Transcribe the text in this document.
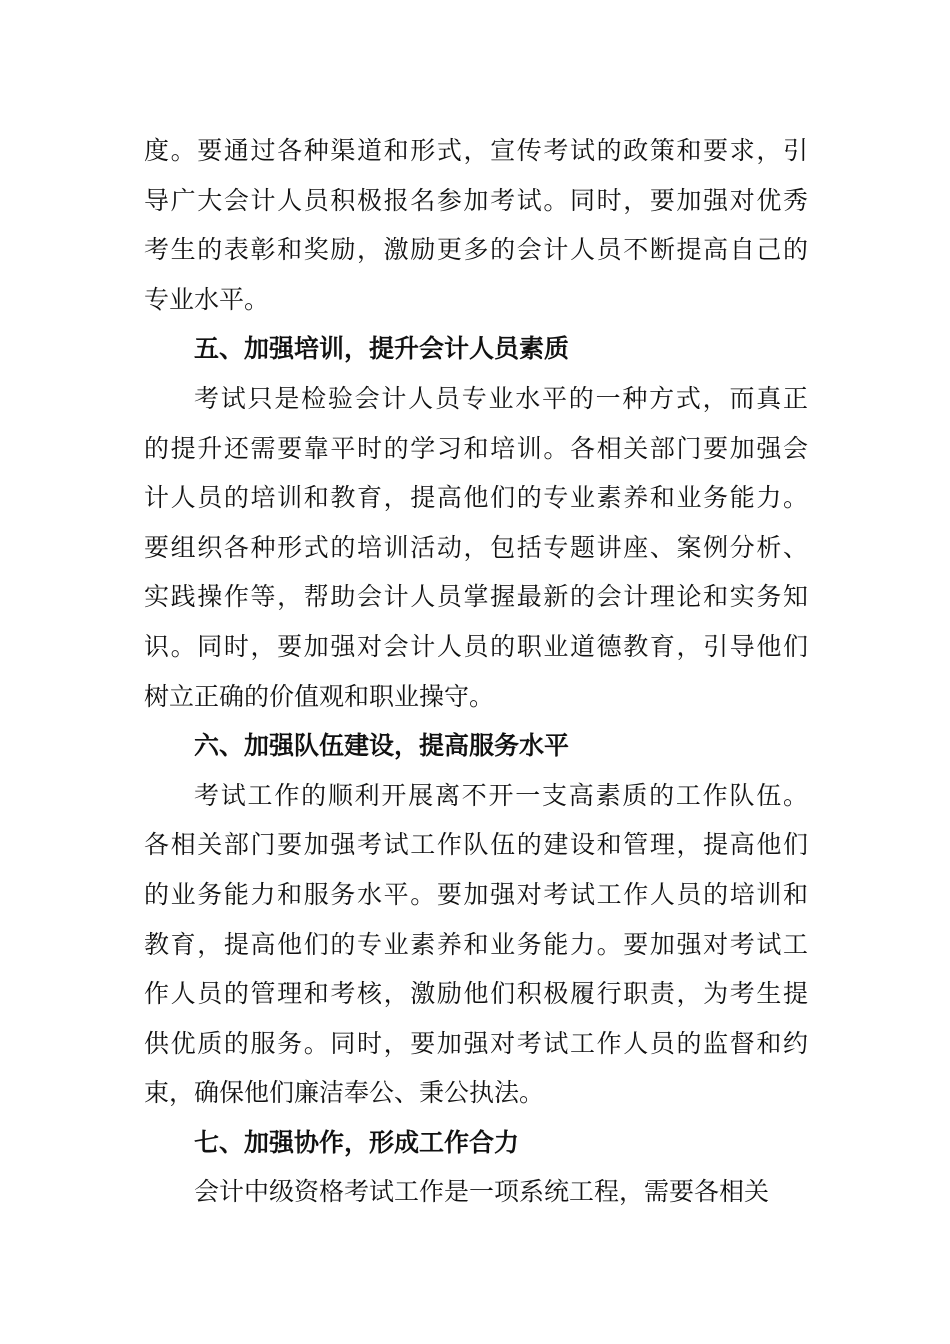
度。要通过各种渠道和形式，宣传考试的政策和要求，引
导广大会计人员积极报名参加考试。同时，要加强对优秀
考生的表彰和奖励，激励更多的会计人员不断提高自己的
专业水平。
五、加强培训，提升会计人员素质
考试只是检验会计人员专业水平的一种方式，而真正
的提升还需要靠平时的学习和培训。各相关部门要加强会
计人员的培训和教育，提高他们的专业素养和业务能力。
要组织各种形式的培训活动，包括专题讲座、案例分析、
实践操作等，帮助会计人员掌握最新的会计理论和实务知
识。同时，要加强对会计人员的职业道德教育，引导他们
树立正确的价值观和职业操守。
六、加强队伍建设，提高服务水平
考试工作的顺利开展离不开一支高素质的工作队伍。
各相关部门要加强考试工作队伍的建设和管理，提高他们
的业务能力和服务水平。要加强对考试工作人员的培训和
教育，提高他们的专业素养和业务能力。要加强对考试工
作人员的管理和考核，激励他们积极履行职责，为考生提
供优质的服务。同时，要加强对考试工作人员的监督和约
束，确保他们廉洁奉公、秉公执法。
七、加强协作，形成工作合力
会计中级资格考试工作是一项系统工程，需要各相关
